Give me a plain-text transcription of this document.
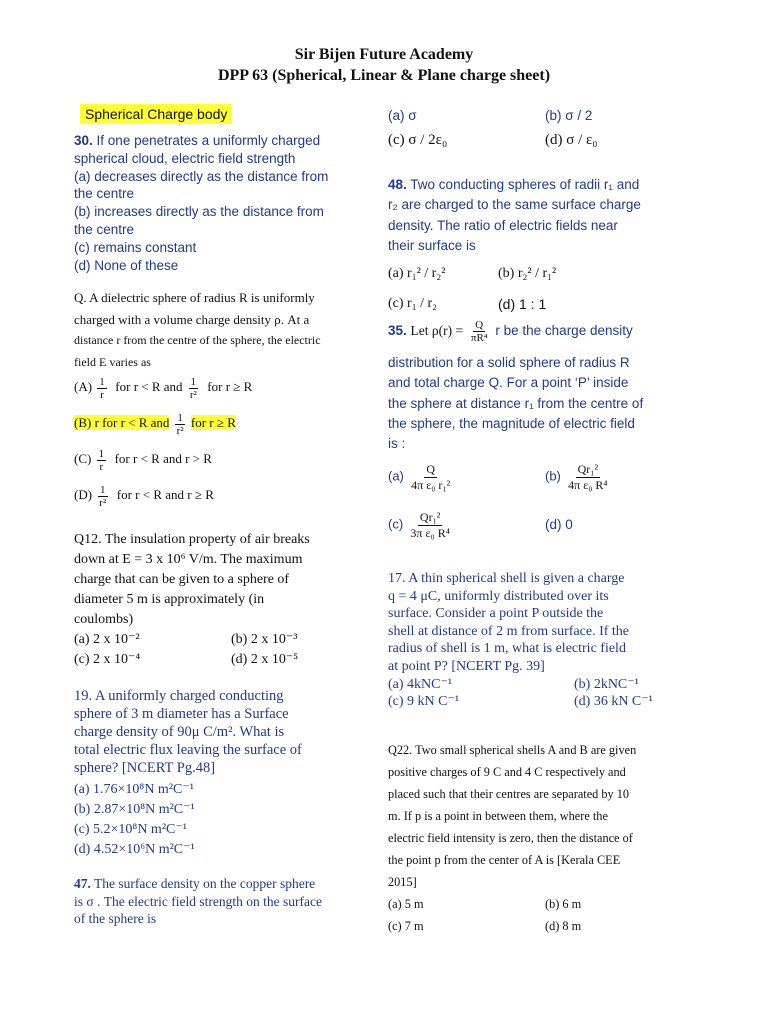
Sir Bijen Future Academy
DPP 63 (Spherical, Linear & Plane charge sheet)
Spherical Charge body
30. If one penetrates a uniformly charged
spherical cloud, electric field strength
(a) decreases directly as the distance from
the centre
(b) increases directly as the distance from
the centre
(c) remains constant
(d) None of these
Q. A dielectric sphere of radius R is uniformly
charged with a volume charge density ρ. At a
distance r from the centre of the sphere, the electric
field E varies as
$(A) \frac{1}{r}$ for r < R and $\frac{1}{\text{r²}}$ for r ≥ R
(B) r for r < R and $\frac{1}{\text{r²}}$ for r ≥ R
$(C) \frac{1}{r}$ for r < R and r > R
$(D) \frac{1}{\text{r²}}$ for r < R and r ≥ R
Q12. The insulation property of air breaks
down at E = 3 x 10⁶ V/m. The maximum
charge that can be given to a sphere of
diameter 5 m is approximately (in
coulombs)
(a) 2 x 10⁻²	(b) 2 x 10⁻³
(c) 2 x 10⁻⁴	(d) 2 x 10⁻⁵
19. A uniformly charged conducting
sphere of 3 m diameter has a Surface
charge density of 90μ C/m². What is
total electric flux leaving the surface of
sphere? [NCERT Pg.48]
(a) 1.76×10⁸N m²C⁻¹
(b) 2.87×10⁸N m²C⁻¹
(c) 5.2×10⁸N m²C⁻¹
(d) 4.52×10⁶N m²C⁻¹
47. The surface density on the copper sphere
is σ . The electric field strength on the surface
of the sphere is
(a) σ	(b) σ / 2
(c) σ / 2ε₀	(d) σ / ε₀
48. Two conducting spheres of radii r₁ and
r₂ are charged to the same surface charge
density. The ratio of electric fields near
their surface is
(a) r₁² / r₂²	(b) r₂² / r₁²
(c) r₁ / r₂	(d) 1 : 1
35. Let $\rho(r) = \frac{Q}{\text{πR⁴}}$ r be the charge density
distribution for a solid sphere of radius R
and total charge Q. For a point ‘P’ inside
the sphere at distance r₁ from the centre of
the sphere, the magnitude of electric field
is :
$(a) \frac{Q}{\text{4π ε₀ r₁²}}$	$(b) \frac{\text{Qr₁²}}{\text{4π ε₀ R⁴}}$
$(c) \frac{\text{Qr₁²}}{\text{3π ε₀ R⁴}}$	(d) 0
17. A thin spherical shell is given a charge
q = 4 μC, uniformly distributed over its
surface. Consider a point P outside the
shell at distance of 2 m from surface. If the
radius of shell is 1 m, what is electric field
at point P? [NCERT Pg. 39]
(a) 4kNC⁻¹	(b) 2kNC⁻¹
(c) 9 kN C⁻¹	(d) 36 kN C⁻¹
Q22. Two small spherical shells A and B are given
positive charges of 9 C and 4 C respectively and
placed such that their centres are separated by 10
m. If p is a point in between them, where the
electric field intensity is zero, then the distance of
the point p from the center of A is [Kerala CEE
2015]
(a) 5 m	(b) 6 m
(c) 7 m	(d) 8 m
